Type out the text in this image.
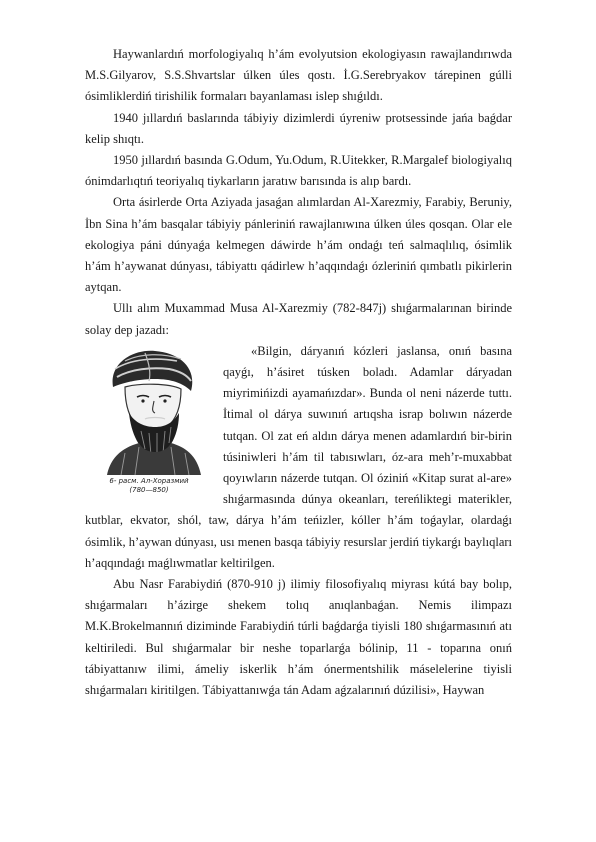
Haywanlardıń morfologiyalıq h’ám evolyutsion ekologiyasın rawajlandırıwda M.S.Gilyarov, S.S.Shvartslar úlken úles qostı. İ.G.Serebryakov tárepinen gúlli ósimliklerdiń tirishilik formaları bayanlaması islep shıǵıldı.

1940 jıllardıń baslarında tábiyiy dizimlerdi úyreniw protsessinde jańa baǵdar kelip shıqtı.

1950 jıllardıń basında G.Odum, Yu.Odum, R.Uitekker, R.Margalef biologiyalıq ónimdarlıqtıń teoriyalıq tiykarların jaratıw barısında is alıp bardı.

Orta ásirlerde Orta Aziyada jasaǵan alımlardan Al-Xarezmiy, Farabiy, Beruniy, İbn Sina h’ám basqalar tábiyiy pánleriniń rawajlanıwına úlken úles qosqan. Olar ele ekologiya páni dúnyaǵa kelmegen dáwirde h’ám ondaǵı teń salmaqlılıq, ósimlik h’ám h’aywanat dúnyası, tábiyattı qádirlew h’aqqındaǵı ózleriniń qımbatlı pikirlerin aytqan.

Ullı alım Muxammad Musa Al-Xarezmiy (782-847j) shıǵarmalarınan birinde solay dep jazadı:

6- расм. Ал-Хоразмий
(780—850)

«Bilgin, dáryanıń kózleri jaslansa, onıń basına qayǵı, h’ásiret túsken boladı. Adamlar dáryadan miyrimińizdi ayamańızdar». Bunda ol neni názerde tuttı. İtimal ol dárya suwınıń artıqsha israp bolıwın názerde tutqan. Ol zat eń aldın dárya menen adamlardıń bir-birin túsiniwleri h’ám til tabısıwları, óz-ara meh’r-muxabbat qoyıwların názerde tutqan. Ol óziniń «Kitap surat al-are» shıǵarmasında dúnya okeanları, tereńliktegi materikler, kutblar, ekvator, shól, taw, dárya h’ám teńizler, kóller h’ám toǵaylar, olardaǵı ósimlik, h’aywan dúnyası, usı menen basqa tábiyiy resurslar jerdiń tiykarǵı baylıqları h’aqqındaǵı maǵlıwmatlar keltirilgen.

Abu Nasr Farabiydiń (870-910 j) ilimiy filosofiyalıq miyrası kútá bay bolıp, shıǵarmaları h’ázirge shekem tolıq anıqlanbaǵan. Nemis ilimpazı M.K.Brokelmannıń diziminde Farabiydiń túrli baǵdarǵa tiyisli 180 shıǵarmasınıń atı keltiriledi. Bul shıǵarmalar bir neshe toparlarǵa bólinip, 11 - toparına onıń tábiyattanıw ilimi, ámeliy iskerlik h’ám ónermentshilik máselelerine tiyisli shıǵarmaları kiritilgen. Tábiyattanıwǵa tán Adam aǵzalarınıń dúzilisi», Haywan
